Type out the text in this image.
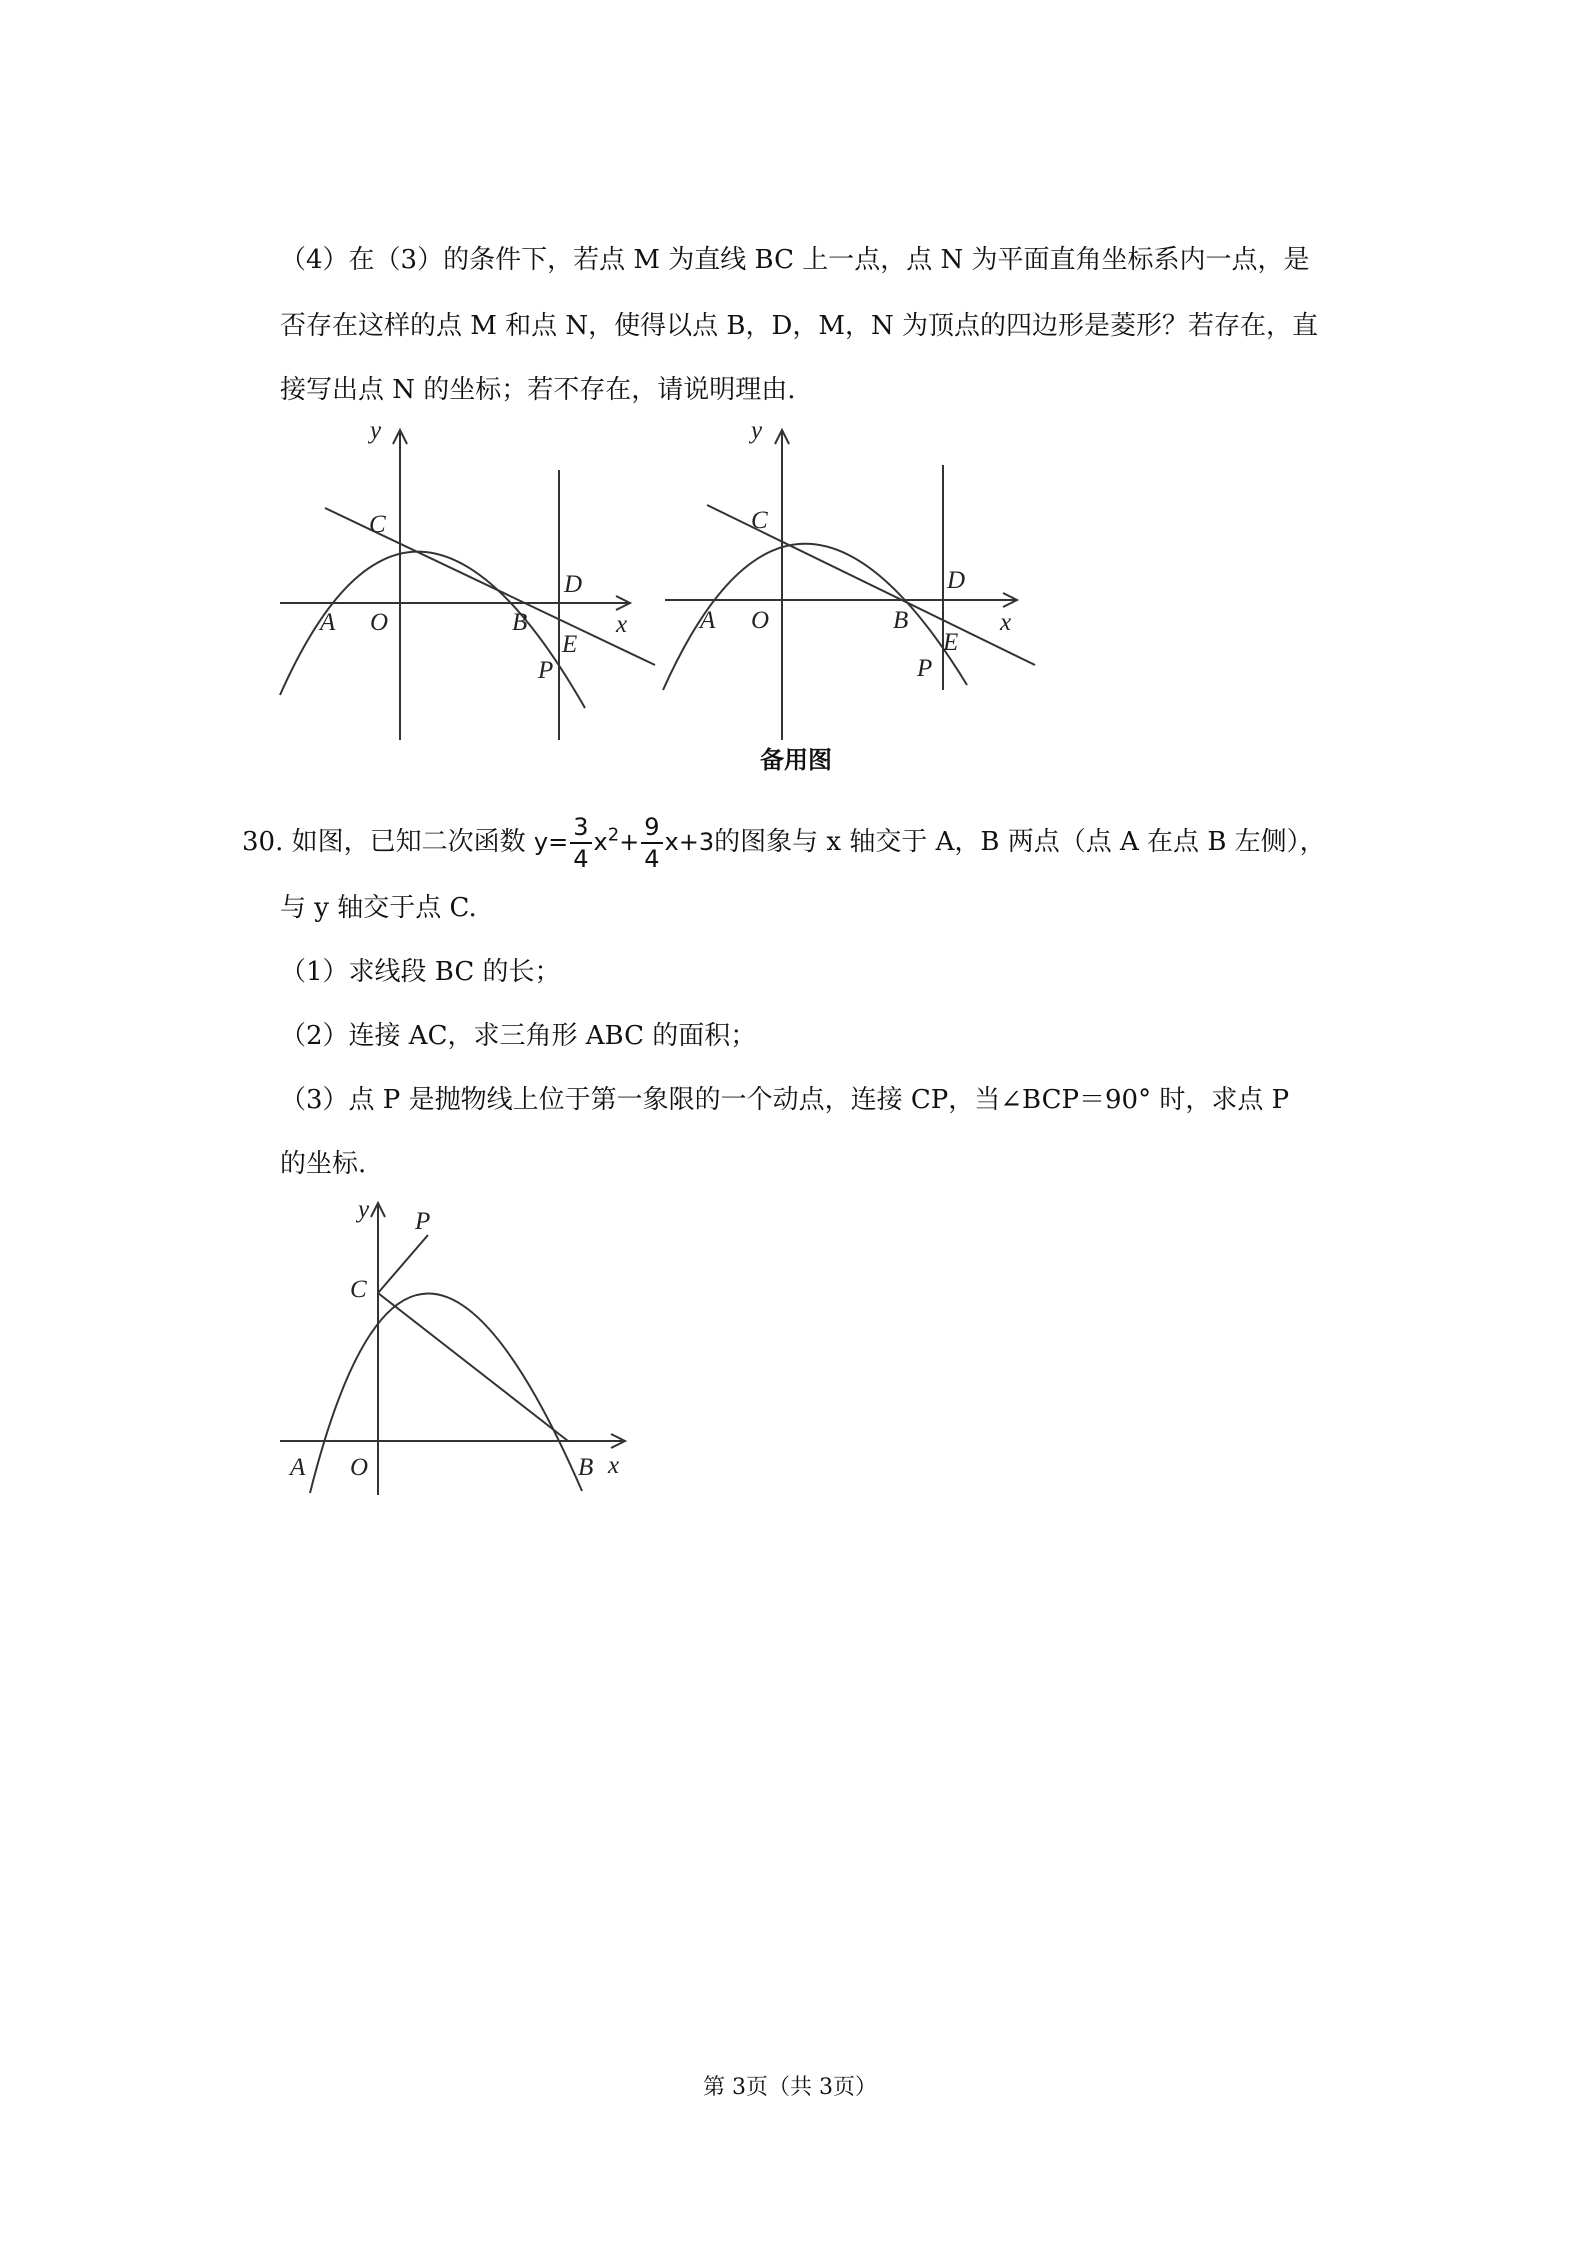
（4）在（3）的条件下，若点 M 为直线 BC 上一点，点 N 为平面直角坐标系内一点，是
否存在这样的点 M 和点 N，使得以点 B，D，M，N 为顶点的四边形是菱形？若存在，直
接写出点 N 的坐标；若不存在，请说明理由.
y
x
C
A O	B
D
E
P
y
x
C
A O	B
D
E
P
备用图
30. 如图，已知二次函数 $y= \frac{3}{4} x^2+ \frac{9}{4} x+3$的图象与 x 轴交于 A，B 两点（点 A 在点 B 左侧），
与 y 轴交于点 C.
（1）求线段 BC 的长；
（2）连接 AC，求三角形 ABC 的面积；
（3）点 P 是抛物线上位于第一象限的一个动点，连接 CP，当∠BCP＝90° 时，求点 P
的坐标.
y P
C
A O	B x
第 3页（共 3页）
